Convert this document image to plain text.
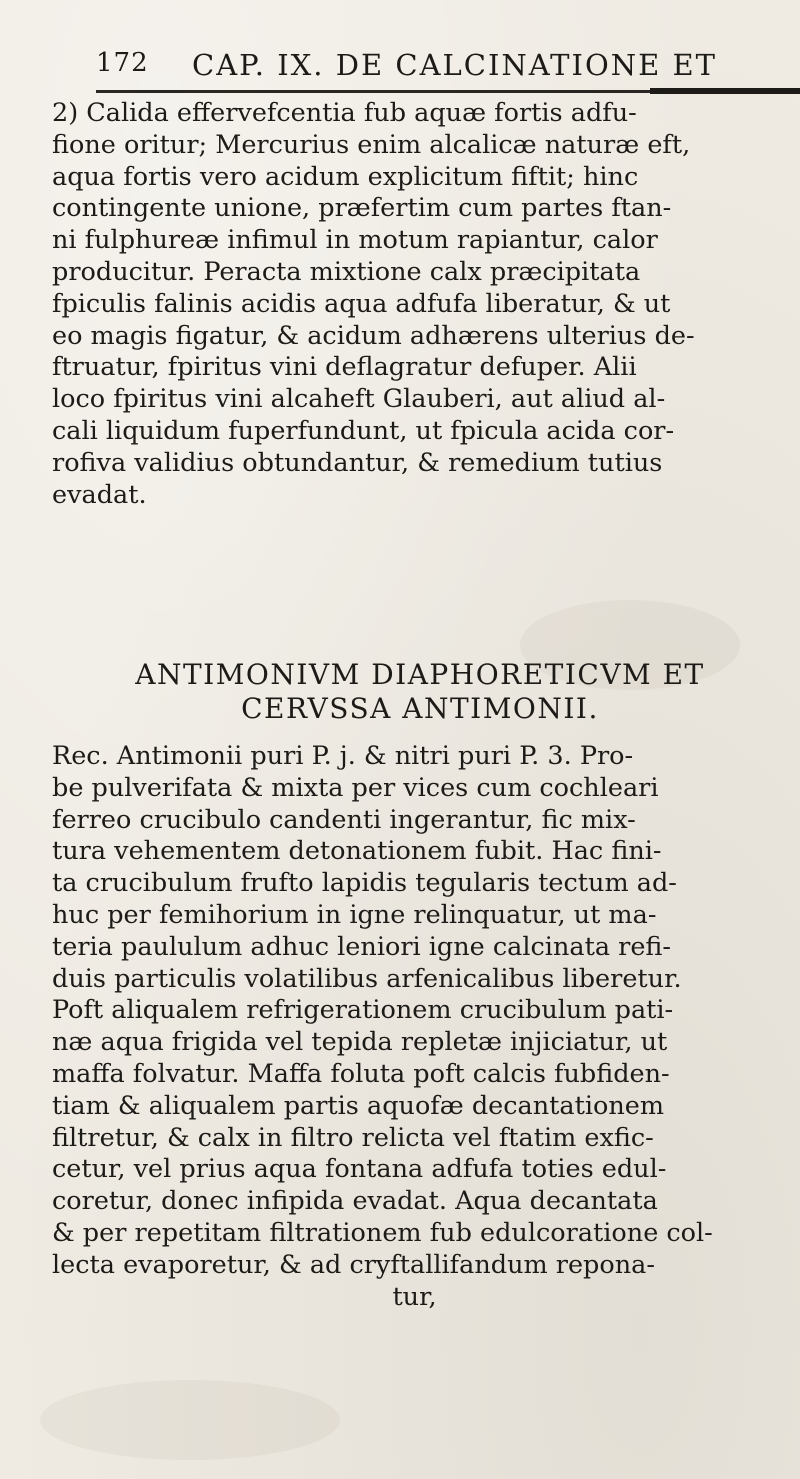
172 CAP. IX. DE CALCINATIONE ET
2) Calida effervefcentia fub aquæ fortis adfu-
fione oritur; Mercurius enim alcalicæ naturæ eft,
aqua fortis vero acidum explicitum fiftit; hinc
contingente unione, præfertim cum partes ftan-
ni fulphureæ infimul in motum rapiantur, calor
producitur. Peracta mixtione calx præcipitata
fpiculis falinis acidis aqua adfufa liberatur, & ut
eo magis figatur, & acidum adhærens ulterius de-
ftruatur, fpiritus vini deflagratur defuper. Alii
loco fpiritus vini alcaheft Glauberi, aut aliud al-
cali liquidum fuperfundunt, ut fpicula acida cor-
rofiva validius obtundantur, & remedium tutius
evadat.
ANTIMONIVM DIAPHORETICVM ET
CERVSSA ANTIMONII.
Rec. Antimonii puri P. j. & nitri puri P. 3. Pro-
be pulverifata & mixta per vices cum cochleari
ferreo crucibulo candenti ingerantur, fic mix-
tura vehementem detonationem fubit. Hac fini-
ta crucibulum frufto lapidis tegularis tectum ad-
huc per femihorium in igne relinquatur, ut ma-
teria paululum adhuc leniori igne calcinata refi-
duis particulis volatilibus arfenicalibus liberetur.
Poft aliqualem refrigerationem crucibulum pati-
næ aqua frigida vel tepida repletæ injiciatur, ut
maffa folvatur. Maffa foluta poft calcis fubfiden-
tiam & aliqualem partis aquofæ decantationem
filtretur, & calx in filtro relicta vel ftatim exfic-
cetur, vel prius aqua fontana adfufa toties edul-
coretur, donec infipida evadat. Aqua decantata
& per repetitam filtrationem fub edulcoratione col-
lecta evaporetur, & ad cryftallifandum repona-
tur,
